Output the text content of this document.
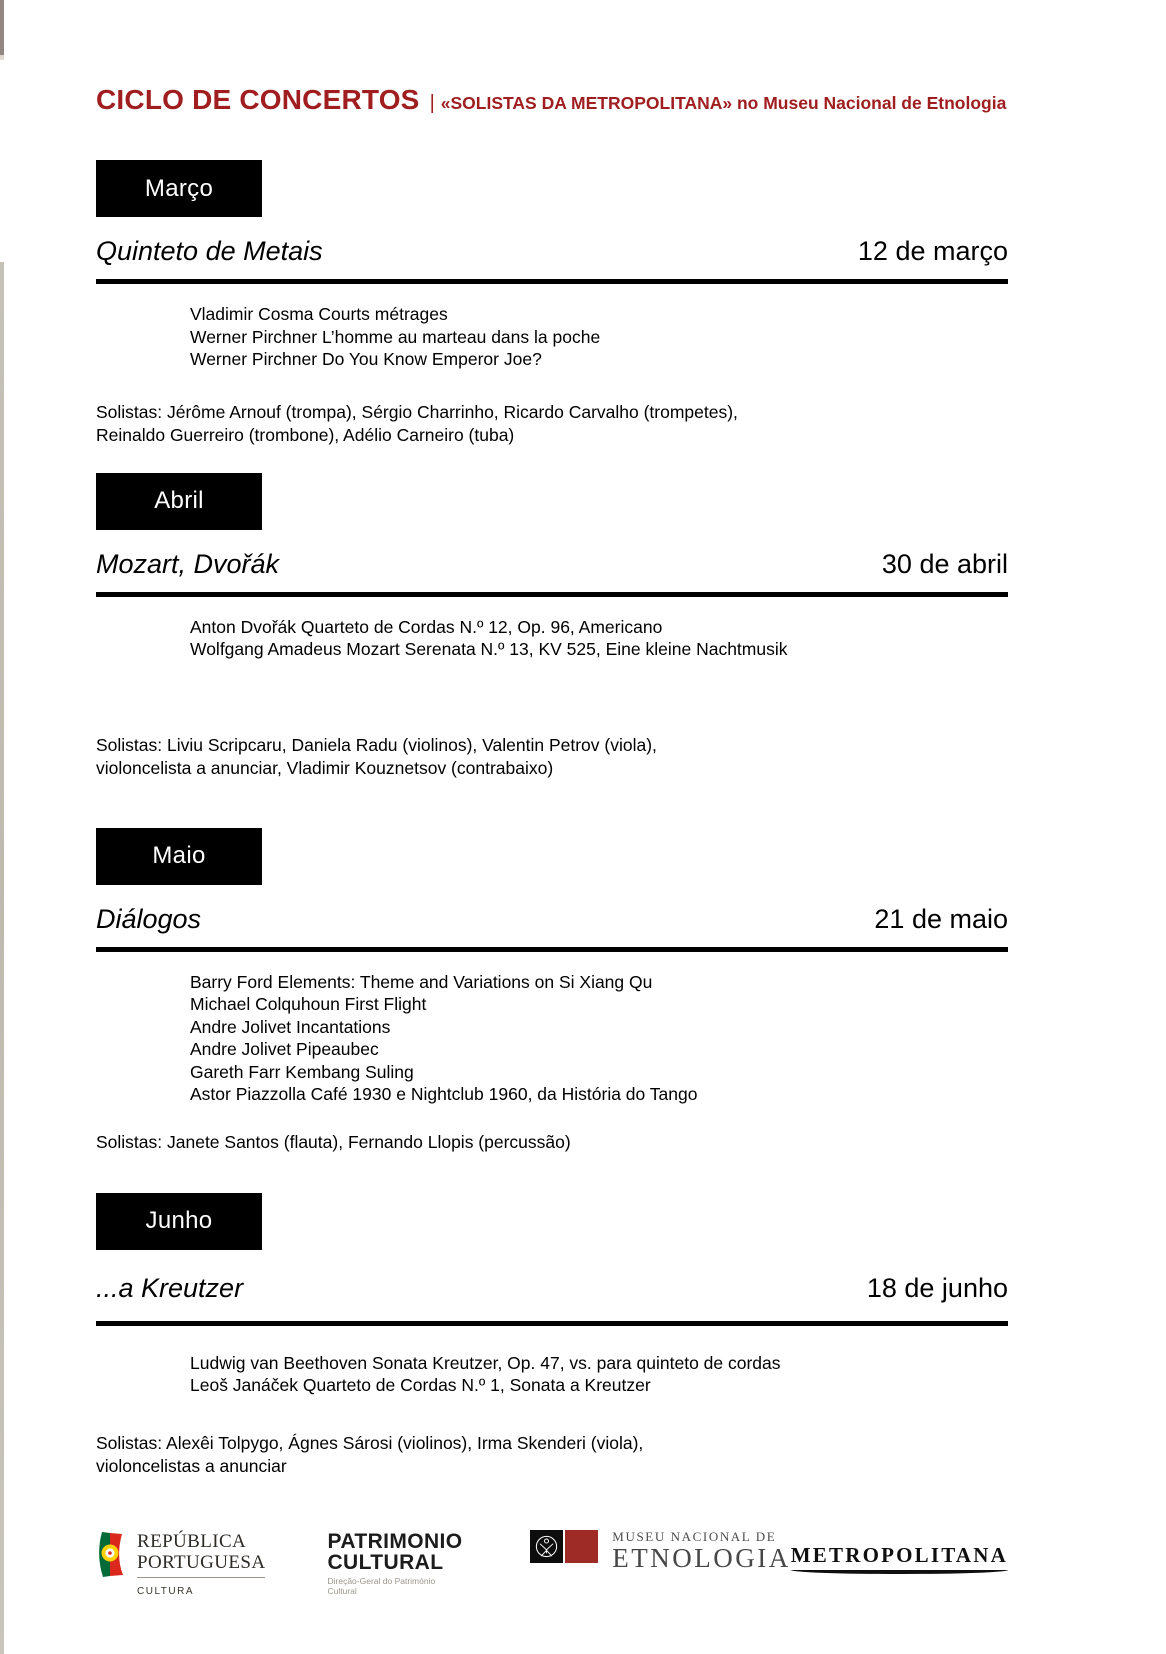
CICLO DE CONCERTOS | «SOLISTAS DA METROPOLITANA» no Museu Nacional de Etnologia
Março
Quinteto de Metais	12 de março
Vladimir Cosma Courts métrages
Werner Pirchner L’homme au marteau dans la poche
Werner Pirchner Do You Know Emperor Joe?
Solistas: Jérôme Arnouf (trompa), Sérgio Charrinho, Ricardo Carvalho (trompetes),
Reinaldo Guerreiro (trombone), Adélio Carneiro (tuba)
Abril
Mozart, Dvořák	30 de abril
Anton Dvořák Quarteto de Cordas N.º 12, Op. 96, Americano
Wolfgang Amadeus Mozart Serenata N.º 13, KV 525, Eine kleine Nachtmusik
Solistas: Liviu Scripcaru, Daniela Radu (violinos), Valentin Petrov (viola),
violoncelista a anunciar, Vladimir Kouznetsov (contrabaixo)
Maio
Diálogos	21 de maio
Barry Ford Elements: Theme and Variations on Si Xiang Qu
Michael Colquhoun First Flight
Andre Jolivet Incantations
Andre Jolivet Pipeaubec
Gareth Farr Kembang Suling
Astor Piazzolla Café 1930 e Nightclub 1960, da História do Tango
Solistas: Janete Santos (flauta), Fernando Llopis (percussão)
Junho
...a Kreutzer	18 de junho
Ludwig van Beethoven Sonata Kreutzer, Op. 47, vs. para quinteto de cordas
Leoš Janáček Quarteto de Cordas N.º 1, Sonata a Kreutzer
Solistas: Alexêi Tolpygo, Ágnes Sárosi (violinos), Irma Skenderi (viola),
violoncelistas a anunciar
REPÚBLICA
PORTUGUESA
CULTURA
PATRIMONIO
CULTURAL
Direção-Geral do Património Cultural
MUSEU NACIONAL DE
ETNOLOGIA METROPOLITANA
